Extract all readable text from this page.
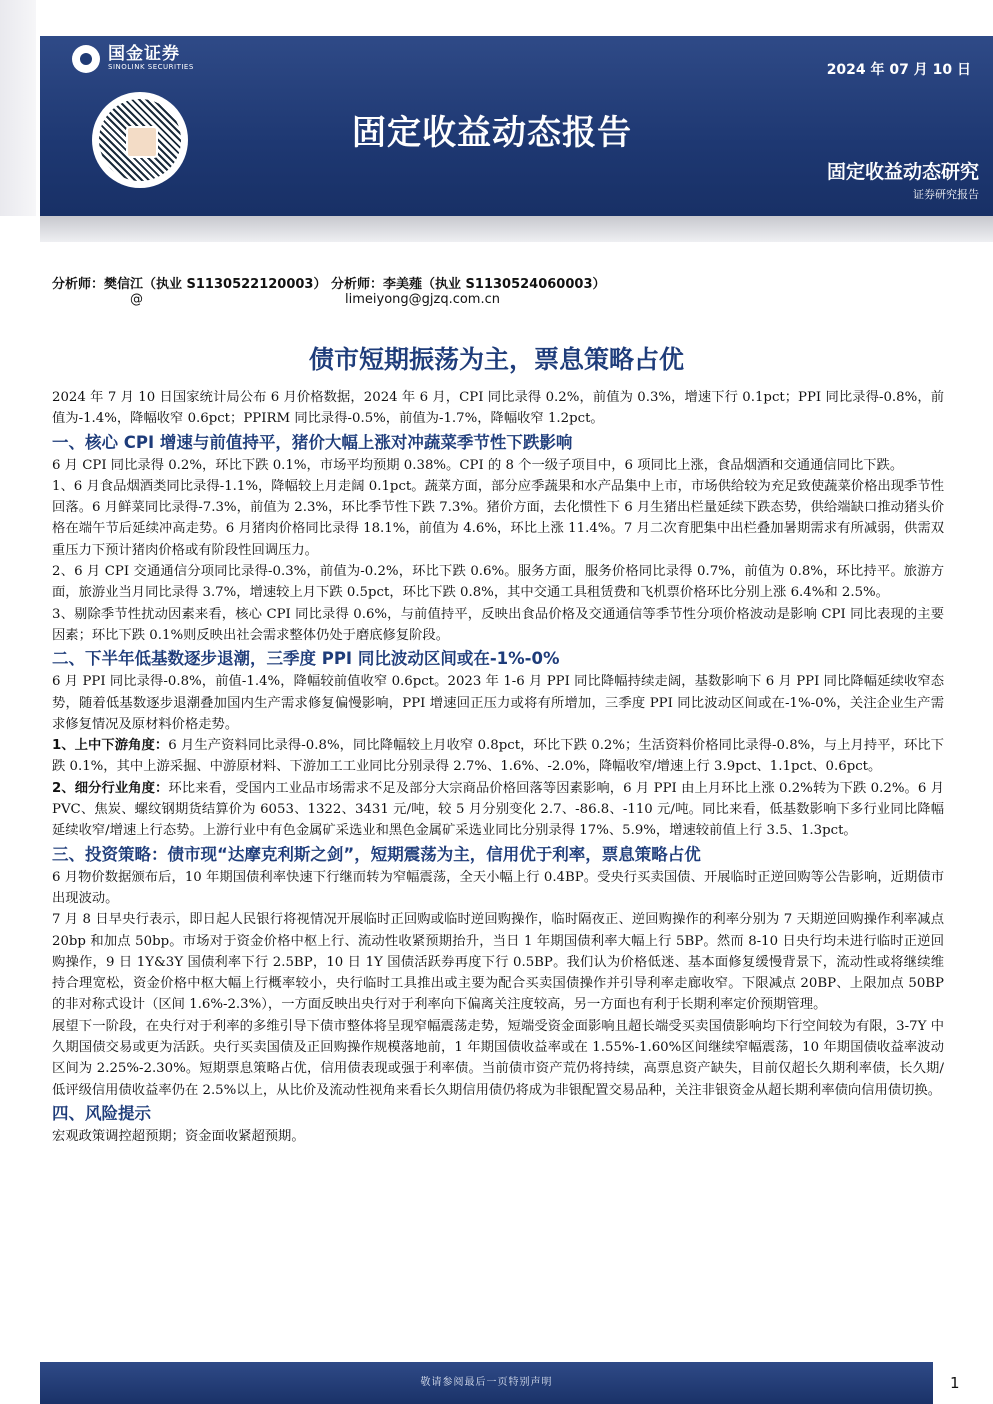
国金证券
SINOLINK SECURITIES	2024 年 07 月 10 日
固定收益动态报告
固定收益动态研究
证券研究报告
分析师：樊信江（执业 S1130522120003） 分析师：李美薤（执业 S1130524060003）
@	limeiyong@gjzq.com.cn
债市短期振荡为主，票息策略占优

2024 年 7 月 10 日国家统计局公布 6 月价格数据，2024 年 6 月，CPI 同比录得 0.2%，前值为 0.3%，增速下行 0.1pct；PPI 同比录得-0.8%，前值为-1.4%，降幅收窄 0.6pct；PPIRM 同比录得-0.5%，前值为-1.7%，降幅收窄 1.2pct。

一、核心 CPI 增速与前值持平，猪价大幅上涨对冲蔬菜季节性下跌影响

6 月 CPI 同比录得 0.2%，环比下跌 0.1%，市场平均预期 0.38%。CPI 的 8 个一级子项目中，6 项同比上涨，食品烟酒和交通通信同比下跌。

1、6 月食品烟酒类同比录得-1.1%，降幅较上月走阔 0.1pct。蔬菜方面，部分应季蔬果和水产品集中上市，市场供给较为充足致使蔬菜价格出现季节性回落。6 月鲜菜同比录得-7.3%，前值为 2.3%，环比季节性下跌 7.3%。猪价方面，去化惯性下 6 月生猪出栏量延续下跌态势，供给端缺口推动猪头价格在端午节后延续冲高走势。6 月猪肉价格同比录得 18.1%，前值为 4.6%，环比上涨 11.4%。7 月二次育肥集中出栏叠加暑期需求有所减弱，供需双重压力下预计猪肉价格或有阶段性回调压力。

2、6 月 CPI 交通通信分项同比录得-0.3%，前值为-0.2%，环比下跌 0.6%。服务方面，服务价格同比录得 0.7%，前值为 0.8%，环比持平。旅游方面，旅游业当月同比录得 3.7%，增速较上月下跌 0.5pct，环比下跌 0.8%，其中交通工具租赁费和飞机票价格环比分别上涨 6.4%和 2.5%。

3、剔除季节性扰动因素来看，核心 CPI 同比录得 0.6%，与前值持平，反映出食品价格及交通通信等季节性分项价格波动是影响 CPI 同比表现的主要因素；环比下跌 0.1%则反映出社会需求整体仍处于磨底修复阶段。

二、下半年低基数逐步退潮，三季度 PPI 同比波动区间或在-1%-0%

6 月 PPI 同比录得-0.8%，前值-1.4%，降幅较前值收窄 0.6pct。2023 年 1-6 月 PPI 同比降幅持续走阔，基数影响下 6 月 PPI 同比降幅延续收窄态势，随着低基数逐步退潮叠加国内生产需求修复偏慢影响，PPI 增速回正压力或将有所增加，三季度 PPI 同比波动区间或在-1%-0%，关注企业生产需求修复情况及原材料价格走势。

1、上中下游角度：6 月生产资料同比录得-0.8%，同比降幅较上月收窄 0.8pct，环比下跌 0.2%；生活资料价格同比录得-0.8%，与上月持平，环比下跌 0.1%，其中上游采掘、中游原材料、下游加工工业同比分别录得 2.7%、1.6%、-2.0%，降幅收窄/增速上行 3.9pct、1.1pct、0.6pct。

2、细分行业角度：环比来看，受国内工业品市场需求不足及部分大宗商品价格回落等因素影响，6 月 PPI 由上月环比上涨 0.2%转为下跌 0.2%。6 月 PVC、焦炭、螺纹钢期货结算价为 6053、1322、3431 元/吨，较 5 月分别变化 2.7、-86.8、-110 元/吨。同比来看，低基数影响下多行业同比降幅延续收窄/增速上行态势。上游行业中有色金属矿采选业和黑色金属矿采选业同比分别录得 17%、5.9%，增速较前值上行 3.5、1.3pct。

三、投资策略：债市现“达摩克利斯之剑”，短期震荡为主，信用优于利率，票息策略占优

6 月物价数据颁布后，10 年期国债利率快速下行继而转为窄幅震荡，全天小幅上行 0.4BP。受央行买卖国债、开展临时正逆回购等公告影响，近期债市出现波动。

7 月 8 日早央行表示，即日起人民银行将视情况开展临时正回购或临时逆回购操作，临时隔夜正、逆回购操作的利率分别为 7 天期逆回购操作利率减点 20bp 和加点 50bp。市场对于资金价格中枢上行、流动性收紧预期抬升，当日 1 年期国债利率大幅上行 5BP。然而 8-10 日央行均未进行临时正逆回购操作，9 日 1Y&3Y 国债利率下行 2.5BP，10 日 1Y 国债活跃券再度下行 0.5BP。我们认为价格低迷、基本面修复缓慢背景下，流动性或将继续维持合理宽松，资金价格中枢大幅上行概率较小，央行临时工具推出或主要为配合买卖国债操作并引导利率走廊收窄。下限减点 20BP、上限加点 50BP 的非对称式设计（区间 1.6%-2.3%），一方面反映出央行对于利率向下偏离关注度较高，另一方面也有利于长期利率定价预期管理。

展望下一阶段，在央行对于利率的多维引导下债市整体将呈现窄幅震荡走势，短端受资金面影响且超长端受买卖国债影响均下行空间较为有限，3-7Y 中久期国债交易或更为活跃。央行买卖国债及正回购操作规模落地前，1 年期国债收益率或在 1.55%-1.60%区间继续窄幅震荡，10 年期国债收益率波动区间为 2.25%-2.30%。短期票息策略占优，信用债表现或强于利率债。当前债市资产荒仍将持续，高票息资产缺失，目前仅超长久期利率债，长久期/低评级信用债收益率仍在 2.5%以上，从比价及流动性视角来看长久期信用债仍将成为非银配置交易品种，关注非银资金从超长期利率债向信用债切换。

四、风险提示

宏观政策调控超预期；资金面收紧超预期。

敬请参阅最后一页特别声明	1
